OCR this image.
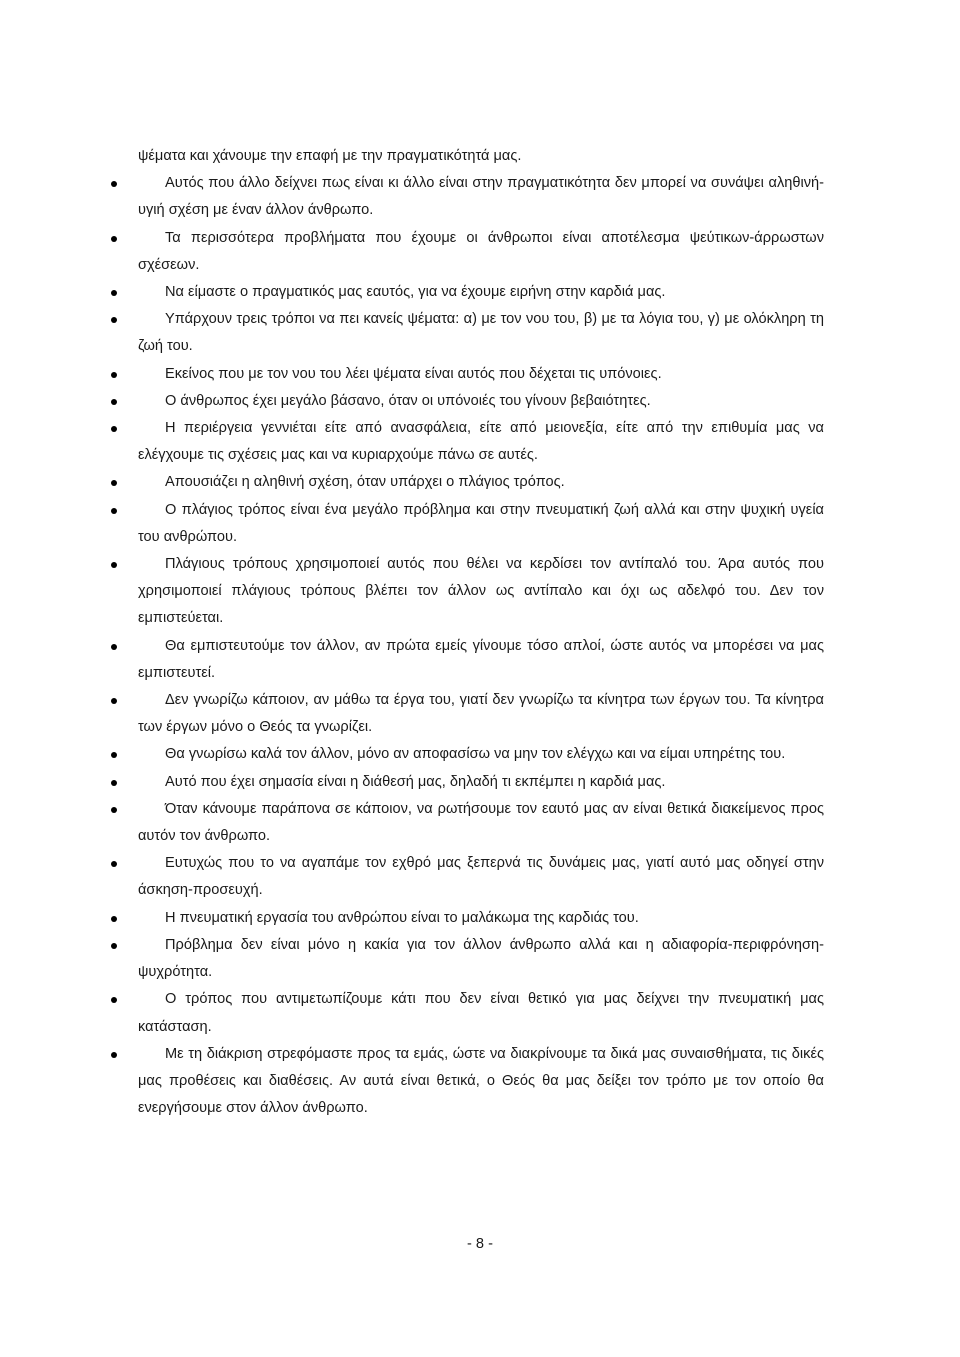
ψέματα και χάνουμε την επαφή με την πραγματικότητά μας.

Αυτός που άλλο δείχνει πως είναι κι άλλο είναι στην πραγματικότητα δεν μπορεί να συνάψει αληθινή-υγιή σχέση με έναν άλλον άνθρωπο.
Τα περισσότερα προβλήματα που έχουμε οι άνθρωποι είναι αποτέλεσμα ψεύτικων-άρρωστων σχέσεων.
Να είμαστε ο πραγματικός μας εαυτός, για να έχουμε ειρήνη στην καρδιά μας.
Υπάρχουν τρεις τρόποι να πει κανείς ψέματα: α) με τον νου του, β) με τα λόγια του, γ) με ολόκληρη τη ζωή του.
Εκείνος που με τον νου του λέει ψέματα είναι αυτός που δέχεται τις υπόνοιες.
Ο άνθρωπος έχει μεγάλο βάσανο, όταν οι υπόνοιές του γίνουν βεβαιότητες.
Η περιέργεια γεννιέται είτε από ανασφάλεια, είτε από μειονεξία, είτε από την επιθυμία μας να ελέγχουμε τις σχέσεις μας και να κυριαρχούμε πάνω σε αυτές.
Απουσιάζει η αληθινή σχέση, όταν υπάρχει ο πλάγιος τρόπος.
Ο πλάγιος τρόπος είναι ένα μεγάλο πρόβλημα και στην πνευματική ζωή αλλά και στην ψυχική υγεία του ανθρώπου.
Πλάγιους τρόπους χρησιμοποιεί αυτός που θέλει να κερδίσει τον αντίπαλό του. Άρα αυτός που χρησιμοποιεί πλάγιους τρόπους βλέπει τον άλλον ως αντίπαλο και όχι ως αδελφό του. Δεν τον εμπιστεύεται.
Θα εμπιστευτούμε τον άλλον, αν πρώτα εμείς γίνουμε τόσο απλοί, ώστε αυτός να μπορέσει να μας εμπιστευτεί.
Δεν γνωρίζω κάποιον, αν μάθω τα έργα του, γιατί δεν γνωρίζω τα κίνητρα των έργων του. Τα κίνητρα των έργων μόνο ο Θεός τα γνωρίζει.
Θα γνωρίσω καλά τον άλλον, μόνο αν αποφασίσω να μην τον ελέγχω και να είμαι υπηρέτης του.
Αυτό που έχει σημασία είναι η διάθεσή μας, δηλαδή τι εκπέμπει η καρδιά μας.
Όταν κάνουμε παράπονα σε κάποιον, να ρωτήσουμε τον εαυτό μας αν είναι θετικά διακείμενος προς αυτόν τον άνθρωπο.
Ευτυχώς που το να αγαπάμε τον εχθρό μας ξεπερνά τις δυνάμεις μας, γιατί αυτό μας οδηγεί στην άσκηση-προσευχή.
Η πνευματική εργασία του ανθρώπου είναι το μαλάκωμα της καρδιάς του.
Πρόβλημα δεν είναι μόνο η κακία για τον άλλον άνθρωπο αλλά και η αδιαφορία-περιφρόνηση-ψυχρότητα.
Ο τρόπος που αντιμετωπίζουμε κάτι που δεν είναι θετικό για μας δείχνει την πνευματική μας κατάσταση.
Με τη διάκριση στρεφόμαστε προς τα εμάς, ώστε να διακρίνουμε τα δικά μας συναισθήματα, τις δικές μας προθέσεις και διαθέσεις. Αν αυτά είναι θετικά, ο Θεός θα μας δείξει τον τρόπο με τον οποίο θα ενεργήσουμε στον άλλον άνθρωπο.
- 8 -
